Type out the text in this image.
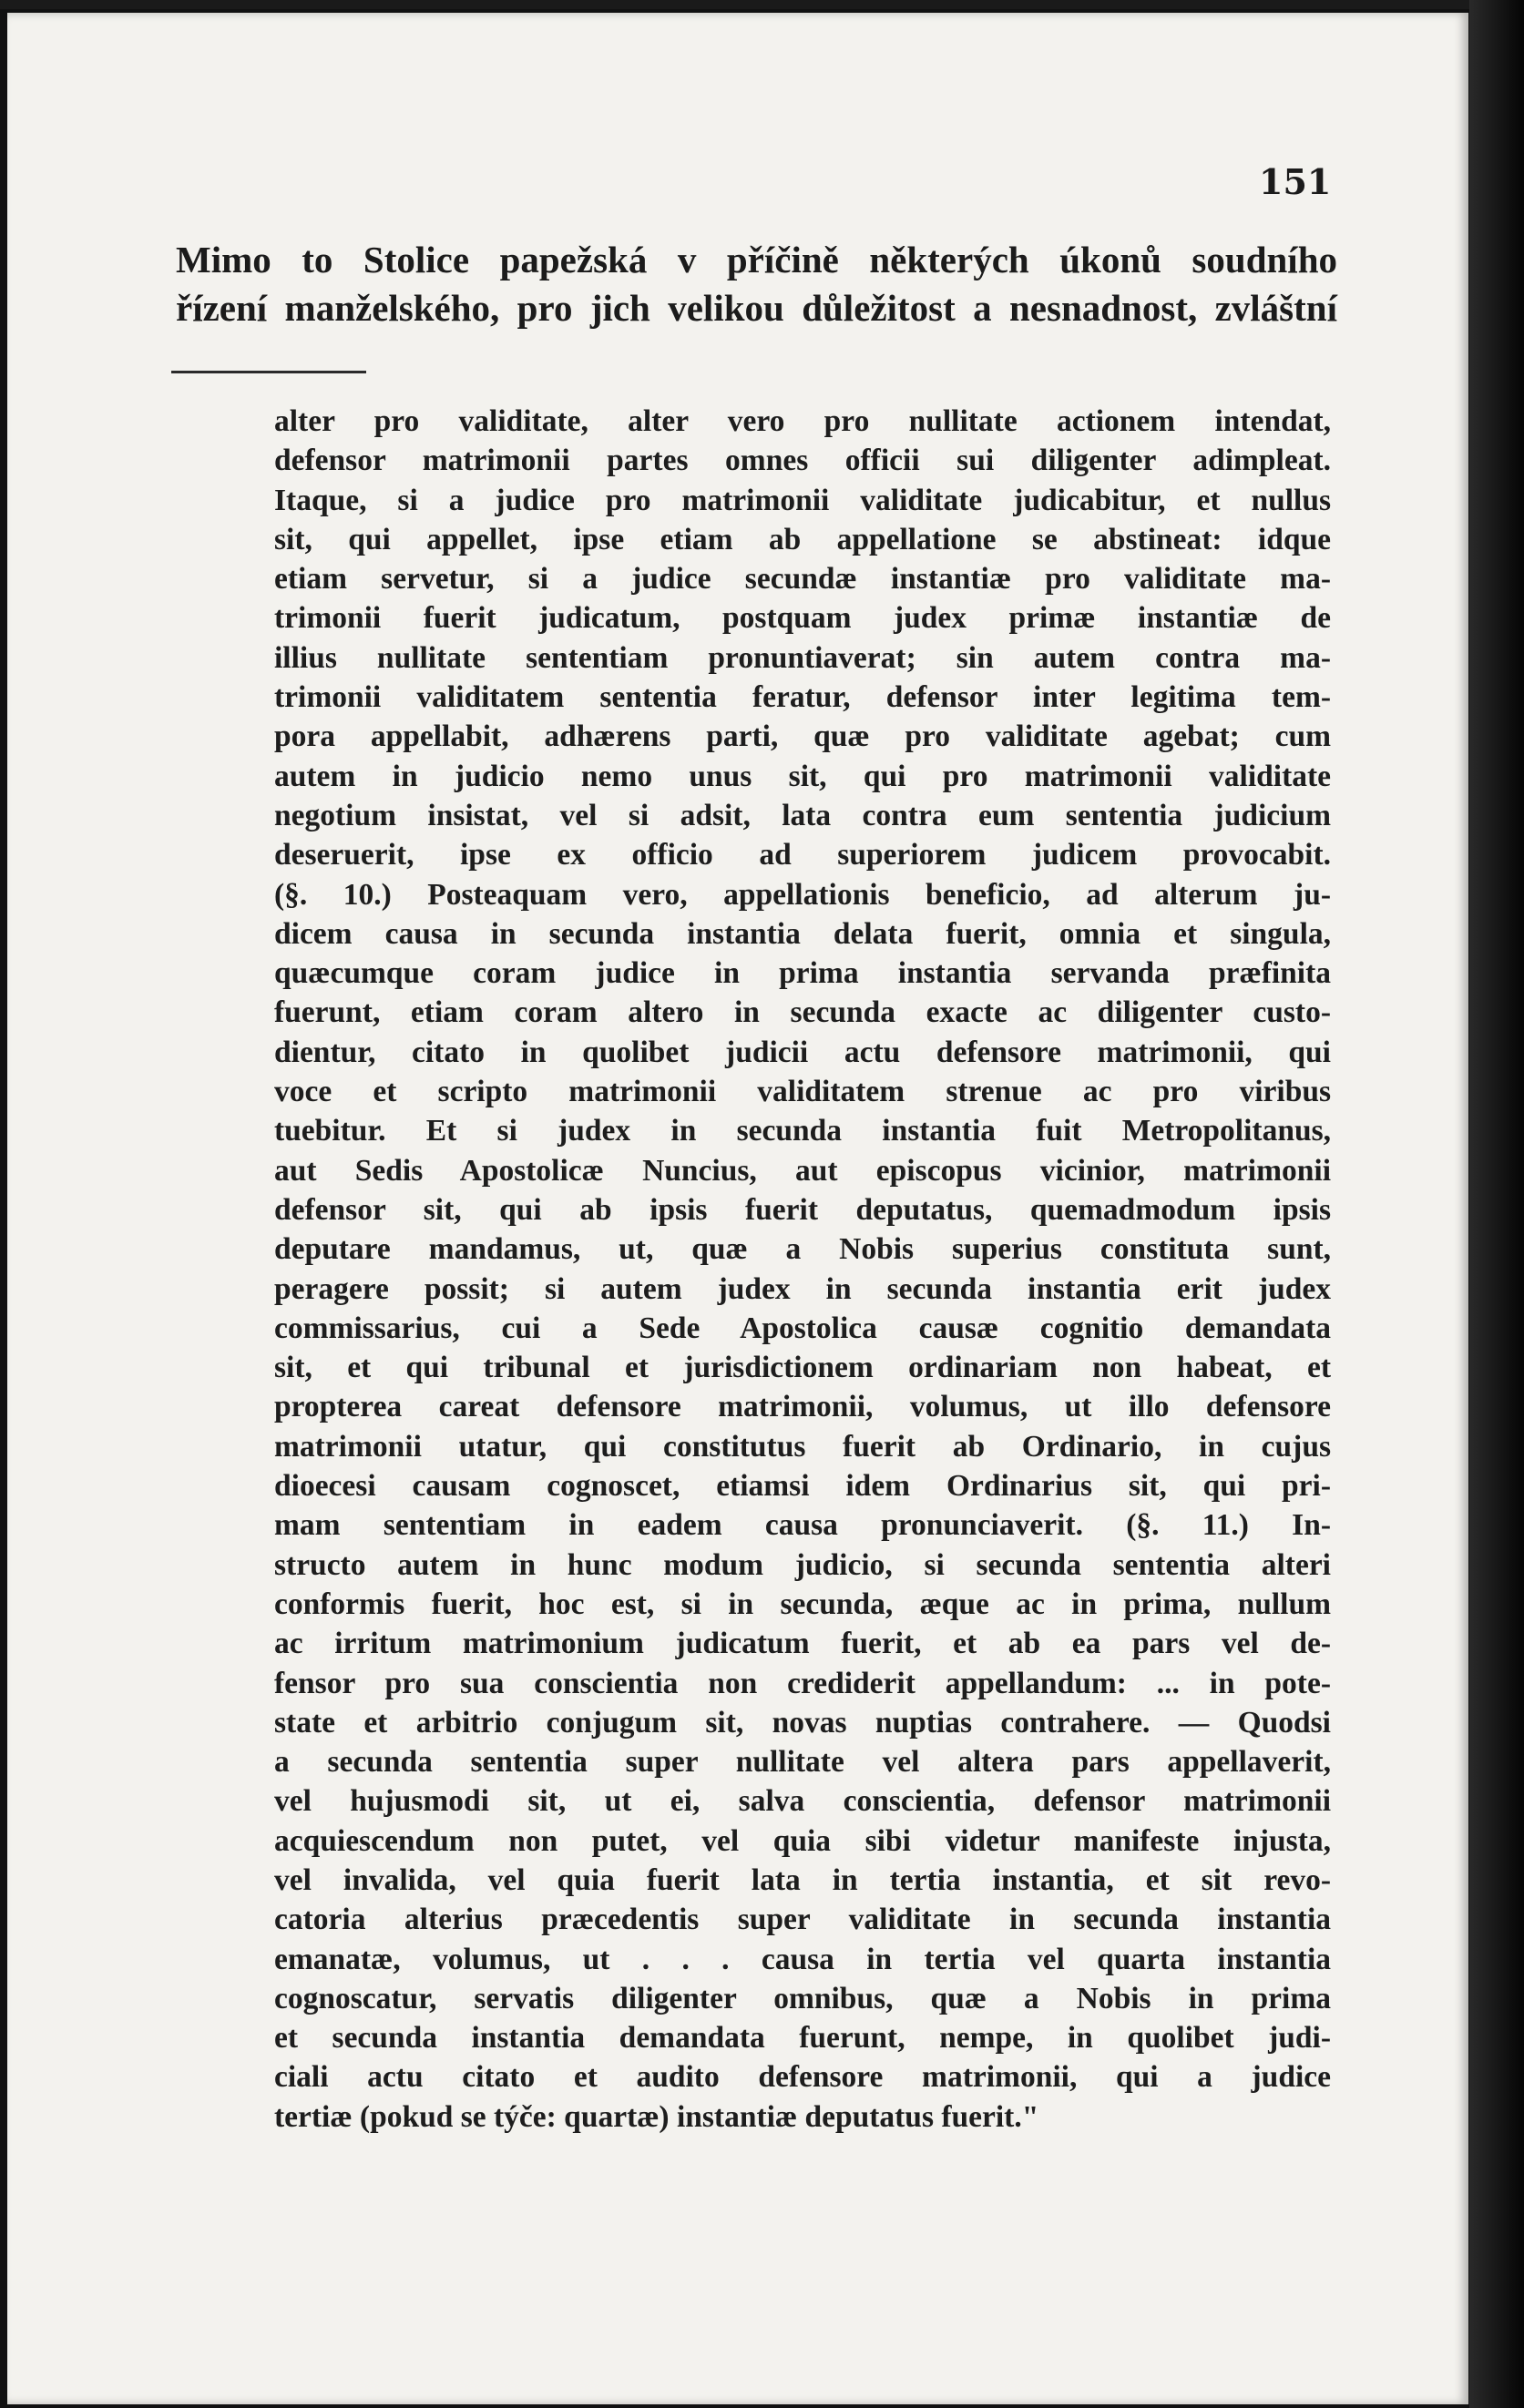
151

Mimo to Stolice papežská v příčině některých úkonů soudního
řízení manželského, pro jich velikou důležitost a nesnadnost, zvláštní

alter pro validitate, alter vero pro nullitate actionem intendat,
defensor matrimonii partes omnes officii sui diligenter adimpleat.
Itaque, si a judice pro matrimonii validitate judicabitur, et nullus
sit, qui appellet, ipse etiam ab appellatione se abstineat: idque
etiam servetur, si a judice secundæ instantiæ pro validitate ma-
trimonii fuerit judicatum, postquam judex primæ instantiæ de
illius nullitate sententiam pronuntiaverat; sin autem contra ma-
trimonii validitatem sententia feratur, defensor inter legitima tem-
pora appellabit, adhærens parti, quæ pro validitate agebat; cum
autem in judicio nemo unus sit, qui pro matrimonii validitate
negotium insistat, vel si adsit, lata contra eum sententia judicium
deseruerit, ipse ex officio ad superiorem judicem provocabit.
(§. 10.) Posteaquam vero, appellationis beneficio, ad alterum ju-
dicem causa in secunda instantia delata fuerit, omnia et singula,
quæcumque coram judice in prima instantia servanda præfinita
fuerunt, etiam coram altero in secunda exacte ac diligenter custo-
dientur, citato in quolibet judicii actu defensore matrimonii, qui
voce et scripto matrimonii validitatem strenue ac pro viribus
tuebitur. Et si judex in secunda instantia fuit Metropolitanus,
aut Sedis Apostolicæ Nuncius, aut episcopus vicinior, matrimonii
defensor sit, qui ab ipsis fuerit deputatus, quemadmodum ipsis
deputare mandamus, ut, quæ a Nobis superius constituta sunt,
peragere possit; si autem judex in secunda instantia erit judex
commissarius, cui a Sede Apostolica causæ cognitio demandata
sit, et qui tribunal et jurisdictionem ordinariam non habeat, et
propterea careat defensore matrimonii, volumus, ut illo defensore
matrimonii utatur, qui constitutus fuerit ab Ordinario, in cujus
dioecesi causam cognoscet, etiamsi idem Ordinarius sit, qui pri-
mam sententiam in eadem causa pronunciaverit. (§. 11.) In-
structo autem in hunc modum judicio, si secunda sententia alteri
conformis fuerit, hoc est, si in secunda, æque ac in prima, nullum
ac irritum matrimonium judicatum fuerit, et ab ea pars vel de-
fensor pro sua conscientia non crediderit appellandum: ... in pote-
state et arbitrio conjugum sit, novas nuptias contrahere. — Quodsi
a secunda sententia super nullitate vel altera pars appellaverit,
vel hujusmodi sit, ut ei, salva conscientia, defensor matrimonii
acquiescendum non putet, vel quia sibi videtur manifeste injusta,
vel invalida, vel quia fuerit lata in tertia instantia, et sit revo-
catoria alterius præcedentis super validitate in secunda instantia
emanatæ, volumus, ut . . . causa in tertia vel quarta instantia
cognoscatur, servatis diligenter omnibus, quæ a Nobis in prima
et secunda instantia demandata fuerunt, nempe, in quolibet judi-
ciali actu citato et audito defensore matrimonii, qui a judice
tertiæ (pokud se týče: quartæ) instantiæ deputatus fuerit."
